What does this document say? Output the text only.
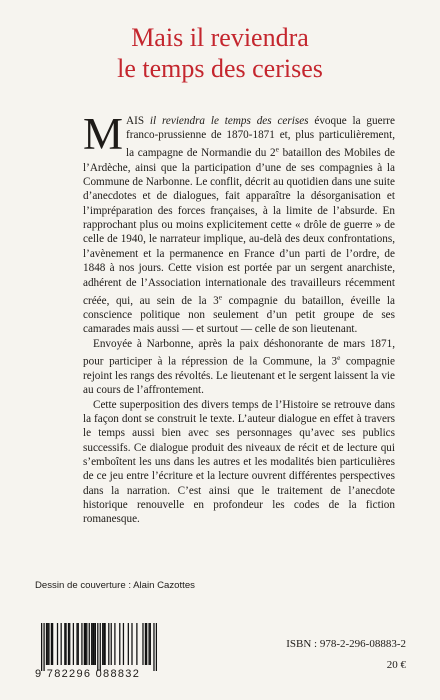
Mais il reviendra
le temps des cerises

MAIS il reviendra le temps des cerises évoque la guerre franco-prussienne de 1870-1871 et, plus particulièrement, la campagne de Normandie du 2e bataillon des Mobiles de l’Ardèche, ainsi que la participation d’une de ses compagnies à la Commune de Narbonne. Le conflit, décrit au quotidien dans une suite d’anecdotes et de dialogues, fait apparaître la désorganisation et l’impréparation des forces françaises, à la limite de l’absurde. En rapprochant plus ou moins explicitement cette « drôle de guerre » de celle de 1940, le narrateur implique, au-delà des deux confrontations, l’avènement et la permanence en France d’un parti de l’ordre, de 1848 à nos jours. Cette vision est portée par un sergent anarchiste, adhérent de l’Association internationale des travailleurs récemment créée, qui, au sein de la 3e compagnie du bataillon, éveille la conscience politique non seulement d’un petit groupe de ses camarades mais aussi — et surtout — celle de son lieutenant.

Envoyée à Narbonne, après la paix déshonorante de mars 1871, pour participer à la répression de la Commune, la 3e compagnie rejoint les rangs des révoltés. Le lieutenant et le sergent laissent la vie au cours de l’affrontement.

Cette superposition des divers temps de l’Histoire se retrouve dans la façon dont se construit le texte. L’auteur dialogue en effet à travers le temps aussi bien avec ses personnages qu’avec ses publics successifs. Ce dialogue produit des niveaux de récit et de lecture qui s’emboîtent les uns dans les autres et les modalités bien particulières de ce jeu entre l’écriture et la lecture ouvrent différentes perspectives dans la narration. C’est ainsi que le traitement de l’anecdote historique renouvelle en profondeur les codes de la fiction romanesque.

Dessin de couverture : Alain Cazottes
9 782296 088832
ISBN : 978-2-296-08883-2
20 €
